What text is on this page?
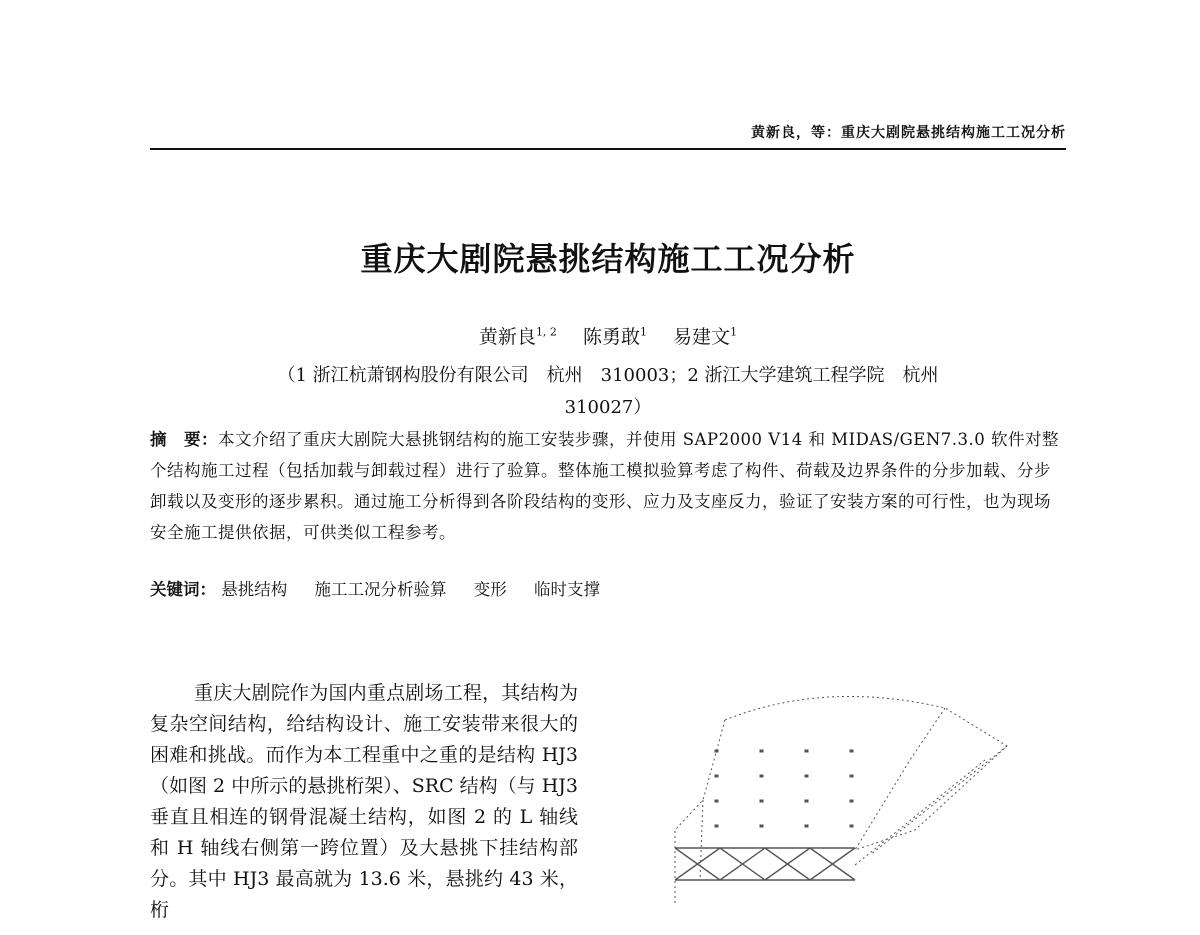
黄新良，等：重庆大剧院悬挑结构施工工况分析
重庆大剧院悬挑结构施工工况分析
黄新良$^{1, 2}$ 陈勇敢$^1$ 易建文$^1$
（1 浙江杭萧钢构股份有限公司　杭州　310003；2 浙江大学建筑工程学院　杭州
310027）
摘　要：本文介绍了重庆大剧院大悬挑钢结构的施工安装步骤，并使用 SAP2000 V14 和 MIDAS/GEN7.3.0 软件对整个结构施工过程（包括加载与卸载过程）进行了验算。整体施工模拟验算考虑了构件、荷载及边界条件的分步加载、分步卸载以及变形的逐步累积。通过施工分析得到各阶段结构的变形、应力及支座反力，验证了安装方案的可行性，也为现场安全施工提供依据，可供类似工程参考。
关键词： 悬挑结构 施工工况分析验算 变形 临时支撑

重庆大剧院作为国内重点剧场工程，其结构为复杂空间结构，给结构设计、施工安装带来很大的困难和挑战。而作为本工程重中之重的是结构 HJ3（如图 2 中所示的悬挑桁架）、SRC 结构（与 HJ3 垂直且相连的钢骨混凝土结构，如图 2 的 L 轴线和 H 轴线右侧第一跨位置）及大悬挑下挂结构部分。其中 HJ3 最高就为 13.6 米，悬挑约 43 米，桁
